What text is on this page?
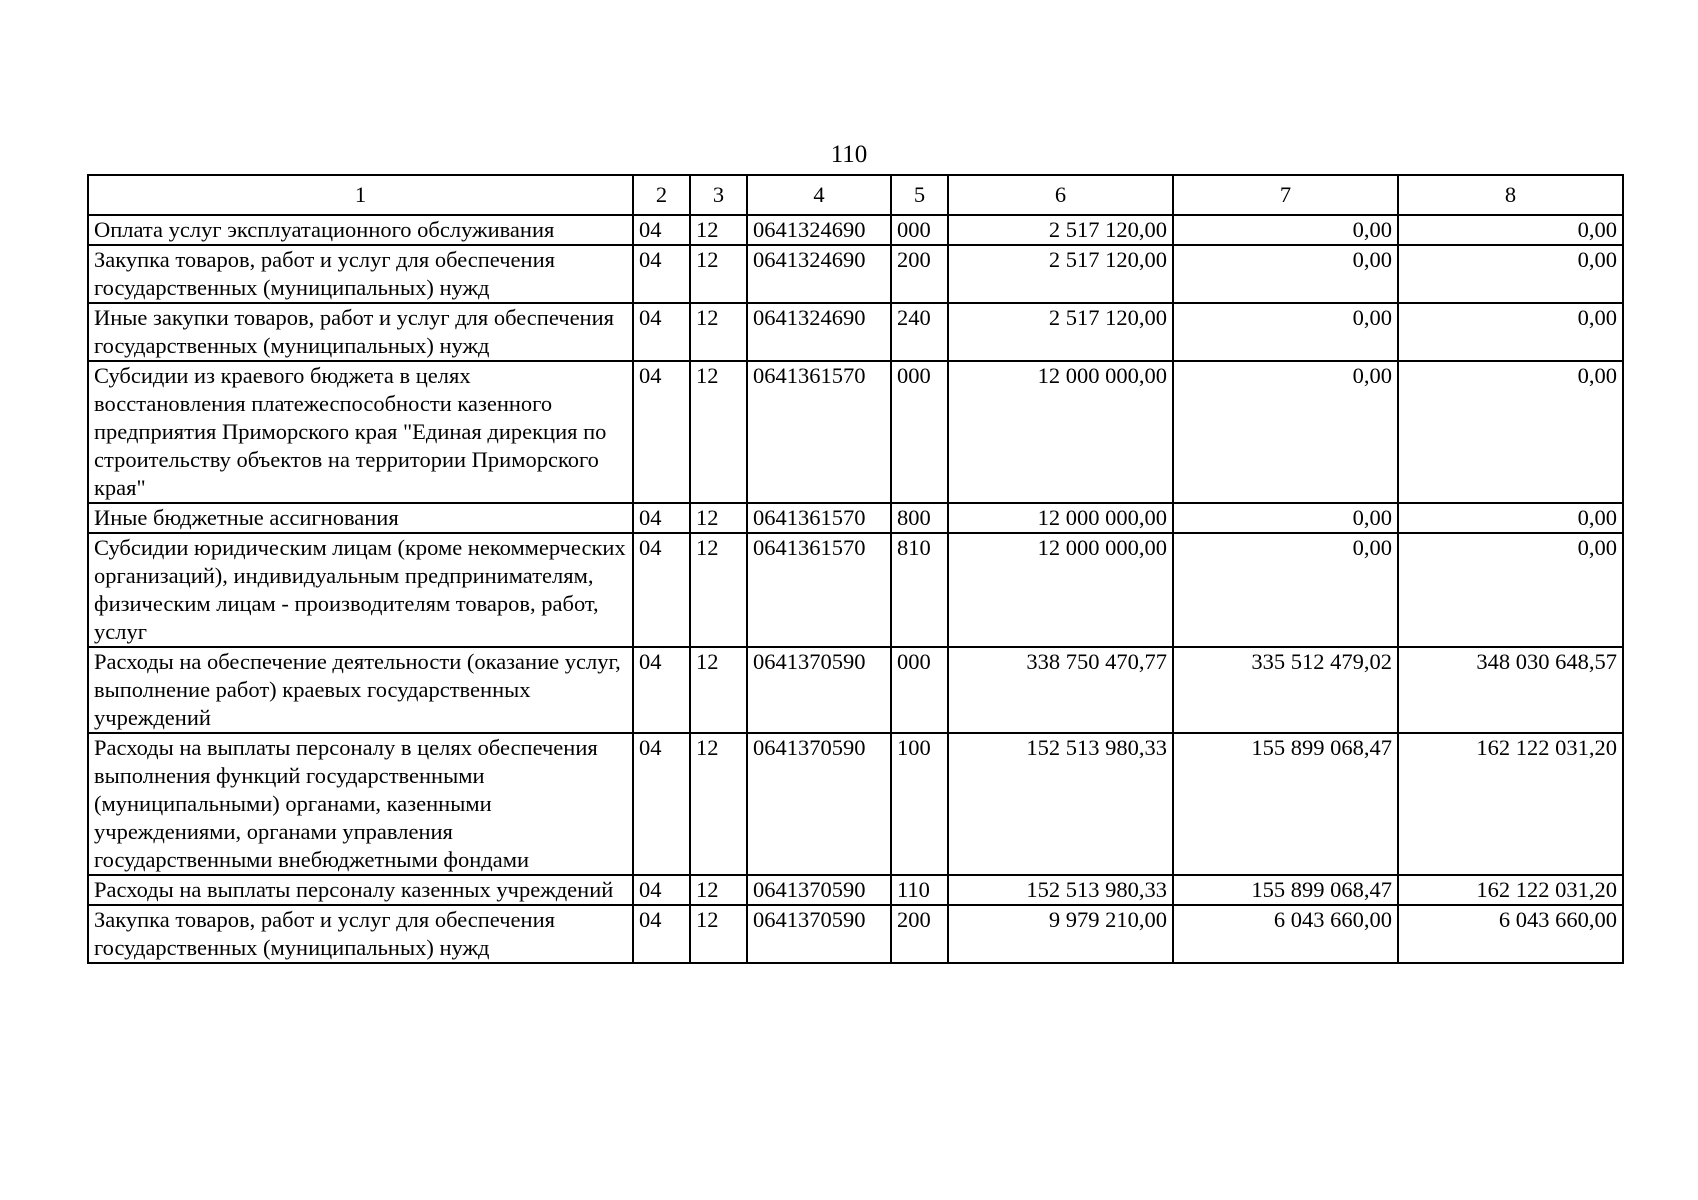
110
1	2	3	4	5	6	7	8
Оплата услуг эксплуатационного обслуживания	04	12	0641324690	000	2 517 120,00	0,00	0,00
Закупка товаров, работ и услуг для обеспечения государственных (муниципальных) нужд	04	12	0641324690	200	2 517 120,00	0,00	0,00
Иные закупки товаров, работ и услуг для обеспечения государственных (муниципальных) нужд	04	12	0641324690	240	2 517 120,00	0,00	0,00
Субсидии из краевого бюджета в целях восстановления платежеспособности казенного предприятия Приморского края "Единая дирекция по строительству объектов на территории Приморского края"	04	12	0641361570	000	12 000 000,00	0,00	0,00
Иные бюджетные ассигнования	04	12	0641361570	800	12 000 000,00	0,00	0,00
Субсидии юридическим лицам (кроме некоммерческих организаций), индивидуальным предпринимателям, физическим лицам - производителям товаров, работ, услуг	04	12	0641361570	810	12 000 000,00	0,00	0,00
Расходы на обеспечение деятельности (оказание услуг, выполнение работ) краевых государственных учреждений	04	12	0641370590	000	338 750 470,77	335 512 479,02	348 030 648,57
Расходы на выплаты персоналу в целях обеспечения выполнения функций государственными (муниципальными) органами, казенными учреждениями, органами управления государственными внебюджетными фондами	04	12	0641370590	100	152 513 980,33	155 899 068,47	162 122 031,20
Расходы на выплаты персоналу казенных учреждений	04	12	0641370590	110	152 513 980,33	155 899 068,47	162 122 031,20
Закупка товаров, работ и услуг для обеспечения государственных (муниципальных) нужд	04	12	0641370590	200	9 979 210,00	6 043 660,00	6 043 660,00
